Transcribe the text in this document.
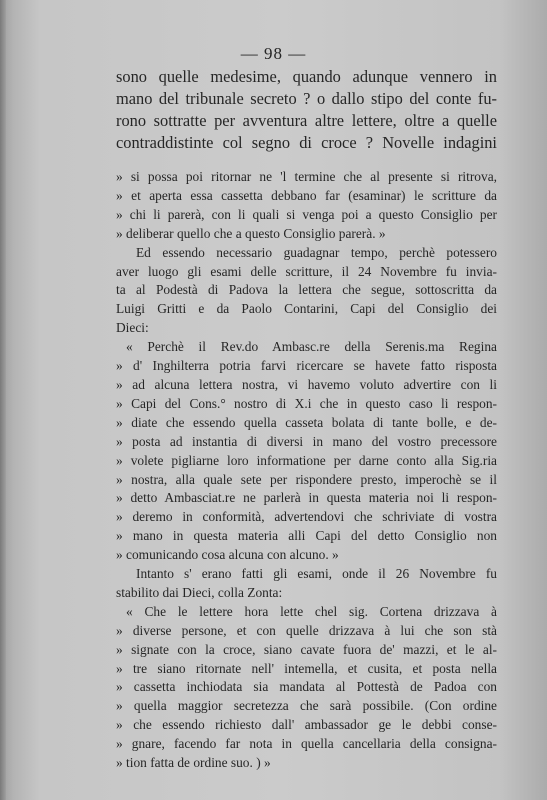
— 98 —

sono quelle medesime, quando adunque vennero in

mano del tribunale secreto ? o dallo stipo del conte fu-

rono sottratte per avventura altre lettere, oltre a quelle

contraddistinte col segno di croce ? Novelle indagini

» si possa poi ritornar ne 'l termine che al presente si ritrova,

» et aperta essa cassetta debbano far (esaminar) le scritture da

» chi li parerà, con li quali si venga poi a questo Consiglio per

» deliberar quello che a questo Consiglio parerà. »

Ed essendo necessario guadagnar tempo, perchè potessero

aver luogo gli esami delle scritture, il 24 Novembre fu invia-

ta al Podestà di Padova la lettera che segue, sottoscritta da

Luigi Gritti e da Paolo Contarini, Capi del Consiglio dei

Dieci:

« Perchè il Rev.do Ambasc.re della Serenis.ma Regina

» d' Inghilterra potria farvi ricercare se havete fatto risposta

» ad alcuna lettera nostra, vi havemo voluto advertire con li

» Capi del Cons.° nostro di X.i che in questo caso li respon-

» diate che essendo quella casseta bolata di tante bolle, e de-

» posta ad instantia di diversi in mano del vostro precessore

» volete pigliarne loro informatione per darne conto alla Sig.ria

» nostra, alla quale sete per rispondere presto, imperochè se il

» detto Ambasciat.re ne parlerà in questa materia noi li respon-

» deremo in conformità, advertendovi che schriviate di vostra

» mano in questa materia alli Capi del detto Consiglio non

» comunicando cosa alcuna con alcuno. »

Intanto s' erano fatti gli esami, onde il 26 Novembre fu

stabilito dai Dieci, colla Zonta:

« Che le lettere hora lette chel sig. Cortena drizzava à

» diverse persone, et con quelle drizzava à lui che son stà

» signate con la croce, siano cavate fuora de' mazzi, et le al-

» tre siano ritornate nell' intemella, et cusita, et posta nella

» cassetta inchiodata sia mandata al Pottestà de Padoa con

» quella maggior secretezza che sarà possibile. (Con ordine

» che essendo richiesto dall' ambassador ge le debbi conse-

» gnare, facendo far nota in quella cancellaria della consigna-

» tion fatta de ordine suo. ) »
